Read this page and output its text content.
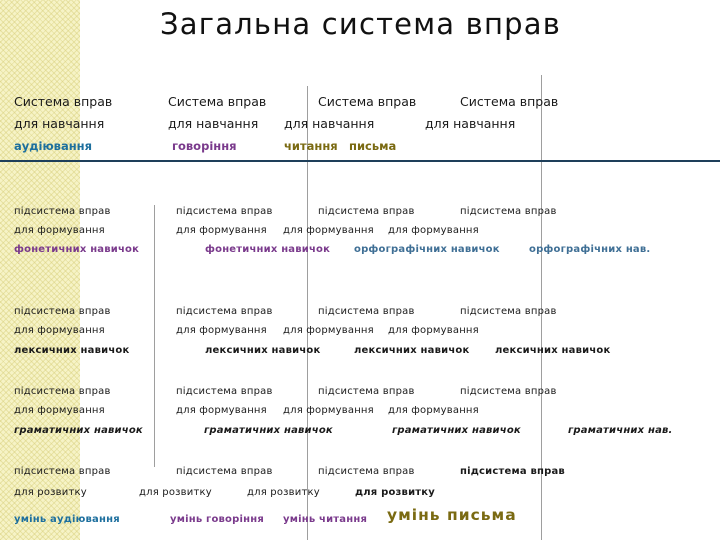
Загальна система вправ
Система вправ
для навчання
аудіювання
Система вправ
для навчання
говоріння
Система вправ
для навчання
читання
Система вправ
для навчання
письма
підсистема вправ
для формування
фонетичних навичок
підсистема вправ
для формування
фонетичних навичок
підсистема вправ
для формування
орфографічних навичок
підсистема вправ
для формування
орфографічних нав.
підсистема вправ
для формування
лексичних навичок
підсистема вправ
для формування
лексичних навичок
підсистема вправ
для формування
лексичних навичок
підсистема вправ
для формування
лексичних навичок
підсистема вправ
для формування
граматичних навичок
підсистема вправ
для формування
граматичних навичок
підсистема вправ
для формування
граматичних навичок
підсистема вправ
для формування
граматичних нав.
підсистема вправ
для розвитку
умінь аудіювання
підсистема вправ
для розвитку
умінь говоріння
підсистема вправ
для розвитку
умінь читання
підсистема вправ
для розвитку
умінь письма
